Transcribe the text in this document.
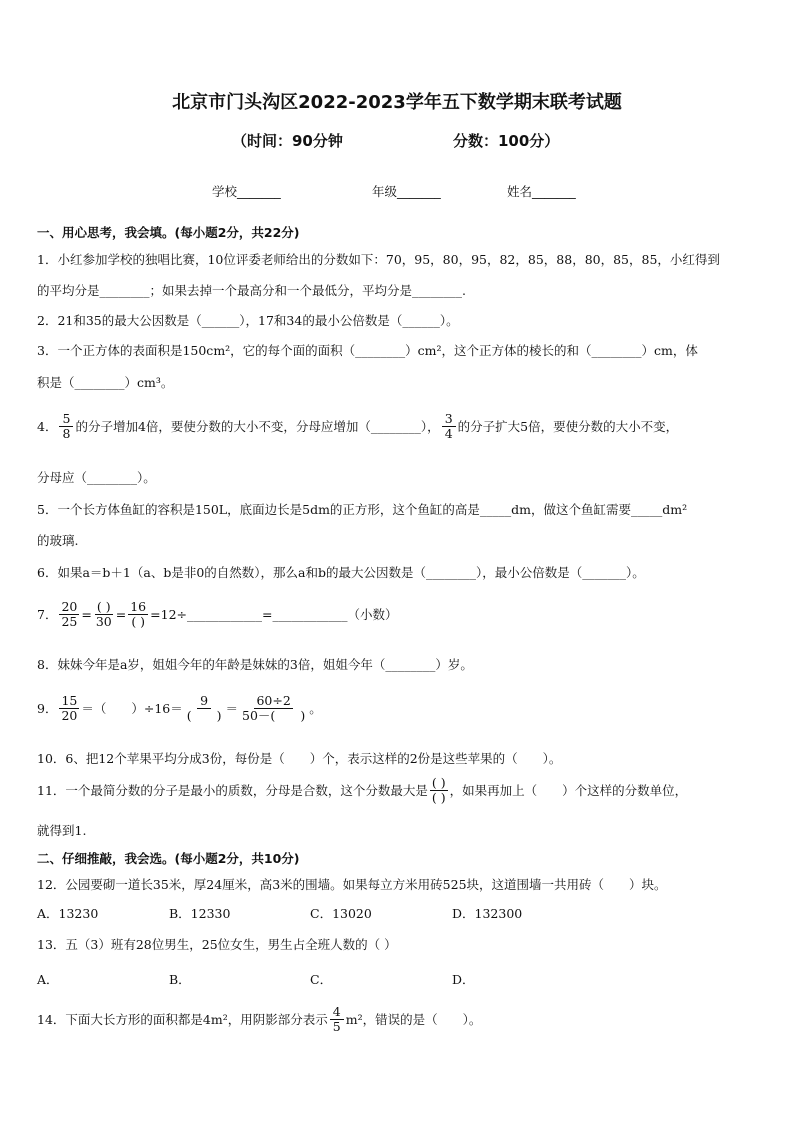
北京市门头沟区2022-2023学年五下数学期末联考试题
（时间：90分钟	分数：100分）
学校_______	年级_______	姓名_______
一、用心思考，我会填。(每小题2分，共22分)
1．小红参加学校的独唱比赛，10位评委老师给出的分数如下：70，95，80，95，82，85，88，80，85，85，小红得到
的平均分是________；如果去掉一个最高分和一个最低分，平均分是________.
2．21和35的最大公因数是（______），17和34的最小公倍数是（______）。
3．一个正方体的表面积是150cm²，它的每个面的面积（________）cm²，这个正方体的棱长的和（________）cm，体
积是（________）cm³。
4． $\frac{5}{8}$ 的分子增加4倍，要使分数的大小不变，分母应增加（________）， $\frac{3}{4}$ 的分子扩大5倍，要使分数的大小不变，
分母应（________）。
5．一个长方体鱼缸的容积是150L，底面边长是5dm的正方形，这个鱼缸的高是_____dm，做这个鱼缸需要_____dm²
的玻璃.
6．如果a＝b＋1（a、b是非0的自然数），那么a和b的最大公因数是（________），最小公倍数是（_______）。
7． $\frac{20}{25} = \frac{( )}{30} = \frac{16}{( )}$ =12÷____________=____________（小数）
8．妹妹今年是a岁，姐姐今年的年龄是妹妹的3倍，姐姐今年（________）岁。
9． $\frac{15}{20}$ ＝（　　）$\div 16= \frac{9}{( )} = \frac{60\div 2}{50-( )}$ 。
10．6、把12个苹果平均分成3份，每份是（　　）个，表示这样的2份是这些苹果的（　　）。
11．一个最简分数的分子是最小的质数，分母是合数，这个分数最大是 $\frac{( )}{( )}$ ，如果再加上（　　）个这样的分数单位，
就得到1.
二、仔细推敲，我会选。(每小题2分，共10分)
12．公园要砌一道长35米，厚24厘米，高3米的围墙。如果每立方米用砖525块，这道围墙一共用砖（　　）块。
A．13230	B．12330	C．13020	D．132300
13．五（3）班有28位男生，25位女生，男生占全班人数的（ ）
A．	B．	C．	D．
14．下面大长方形的面积都是4m²，用阴影部分表示 $\frac{4}{5} m^2$，错误的是（　　）。
